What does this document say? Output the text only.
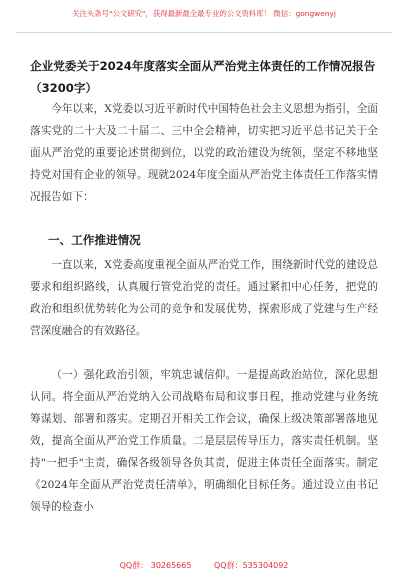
关注头条号"公文研究"，获得最新最全最专业的公文资料库！ 微信：gongwenyj
企业党委关于2024年度落实全面从严治党主体责任的工作情况报告（3200字）
今年以来，X党委以习近平新时代中国特色社会主义思想为指引，全面落实党的二十大及二十届二、三中全会精神，切实把习近平总书记关于全面从严治党的重要论述贯彻到位，以党的政治建设为统领，坚定不移地坚持党对国有企业的领导。现就2024年度全面从严治党主体责任工作落实情况报告如下：
一、工作推进情况
一直以来，X党委高度重视全面从严治党工作，围绕新时代党的建设总要求和组织路线，认真履行管党治党的责任。通过紧扣中心任务，把党的政治和组织优势转化为公司的竞争和发展优势，探索形成了党建与生产经营深度融合的有效路径。
（一）强化政治引领，牢筑忠诚信仰。一是提高政治站位，深化思想认同。将全面从严治党纳入公司战略布局和议事日程，推动党建与业务统筹谋划、部署和落实。定期召开相关工作会议，确保上级决策部署落地见效，提高全面从严治党工作质量。二是层层传导压力，落实责任机制。坚持"一把手"主责，确保各级领导各负其责，促进主体责任全面落实。制定《2024年全面从严治党责任清单》，明确细化目标任务。通过设立由书记领导的检查小
QQ群： 30265665	QQ群：535304092
